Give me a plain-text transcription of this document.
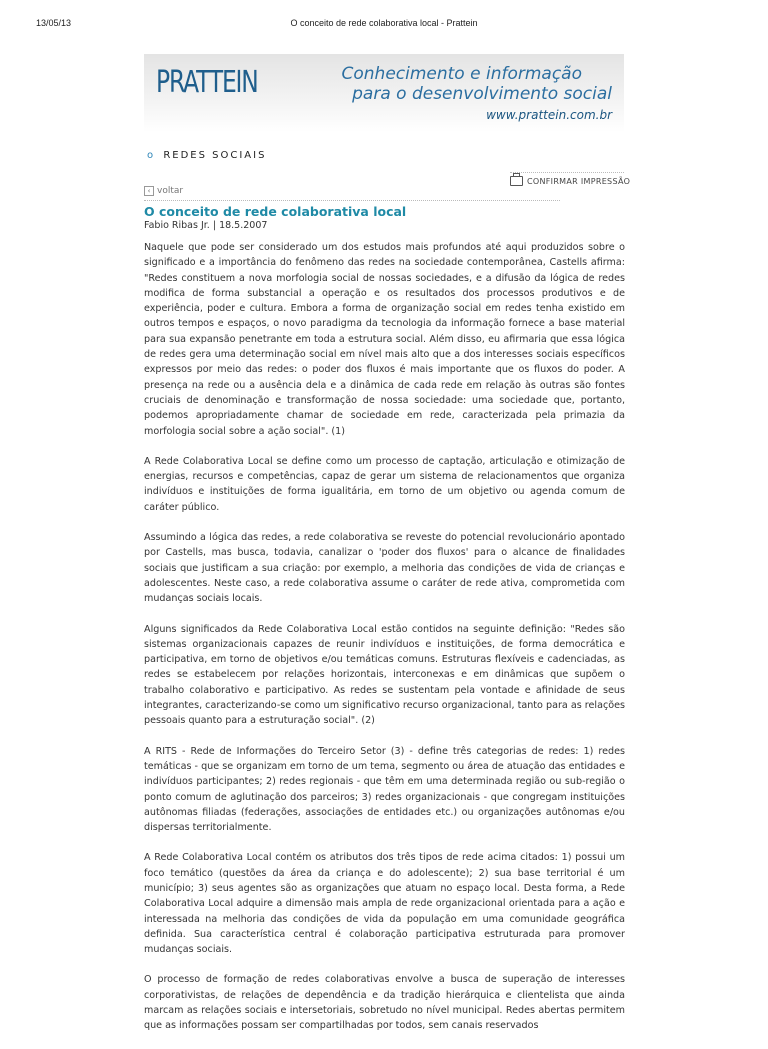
13/05/13	O conceito de rede colaborativa local - Prattein
PRATTEIN	Conhecimento e informação
para o desenvolvimento social
www.prattein.com.br
o REDES SOCIAIS
CONFIRMAR IMPRESSÃO
‹ voltar
O conceito de rede colaborativa local
Fabio Ribas Jr. | 18.5.2007

Naquele que pode ser considerado um dos estudos mais profundos até aqui produzidos sobre o significado e a importância do fenômeno das redes na sociedade contemporânea, Castells afirma: "Redes constituem a nova morfologia social de nossas sociedades, e a difusão da lógica de redes modifica de forma substancial a operação e os resultados dos processos produtivos e de experiência, poder e cultura. Embora a forma de organização social em redes tenha existido em outros tempos e espaços, o novo paradigma da tecnologia da informação fornece a base material para sua expansão penetrante em toda a estrutura social. Além disso, eu afirmaria que essa lógica de redes gera uma determinação social em nível mais alto que a dos interesses sociais específicos expressos por meio das redes: o poder dos fluxos é mais importante que os fluxos do poder. A presença na rede ou a ausência dela e a dinâmica de cada rede em relação às outras são fontes cruciais de denominação e transformação de nossa sociedade: uma sociedade que, portanto, podemos apropriadamente chamar de sociedade em rede, caracterizada pela primazia da morfologia social sobre a ação social". (1)

A Rede Colaborativa Local se define como um processo de captação, articulação e otimização de energias, recursos e competências, capaz de gerar um sistema de relacionamentos que organiza indivíduos e instituições de forma igualitária, em torno de um objetivo ou agenda comum de caráter público.

Assumindo a lógica das redes, a rede colaborativa se reveste do potencial revolucionário apontado por Castells, mas busca, todavia, canalizar o 'poder dos fluxos' para o alcance de finalidades sociais que justificam a sua criação: por exemplo, a melhoria das condições de vida de crianças e adolescentes. Neste caso, a rede colaborativa assume o caráter de rede ativa, comprometida com mudanças sociais locais.

Alguns significados da Rede Colaborativa Local estão contidos na seguinte definição: "Redes são sistemas organizacionais capazes de reunir indivíduos e instituições, de forma democrática e participativa, em torno de objetivos e/ou temáticas comuns. Estruturas flexíveis e cadenciadas, as redes se estabelecem por relações horizontais, interconexas e em dinâmicas que supõem o trabalho colaborativo e participativo. As redes se sustentam pela vontade e afinidade de seus integrantes, caracterizando-se como um significativo recurso organizacional, tanto para as relações pessoais quanto para a estruturação social". (2)

A RITS - Rede de Informações do Terceiro Setor (3) - define três categorias de redes: 1) redes temáticas - que se organizam em torno de um tema, segmento ou área de atuação das entidades e indivíduos participantes; 2) redes regionais - que têm em uma determinada região ou sub-região o ponto comum de aglutinação dos parceiros; 3) redes organizacionais - que congregam instituições autônomas filiadas (federações, associações de entidades etc.) ou organizações autônomas e/ou dispersas territorialmente.

A Rede Colaborativa Local contém os atributos dos três tipos de rede acima citados: 1) possui um foco temático (questões da área da criança e do adolescente); 2) sua base territorial é um município; 3) seus agentes são as organizações que atuam no espaço local. Desta forma, a Rede Colaborativa Local adquire a dimensão mais ampla de rede organizacional orientada para a ação e interessada na melhoria das condições de vida da população em uma comunidade geográfica definida. Sua característica central é colaboração participativa estruturada para promover mudanças sociais.

O processo de formação de redes colaborativas envolve a busca de superação de interesses corporativistas, de relações de dependência e da tradição hierárquica e clientelista que ainda marcam as relações sociais e intersetoriais, sobretudo no nível municipal. Redes abertas permitem que as informações possam ser compartilhadas por todos, sem canais reservados
